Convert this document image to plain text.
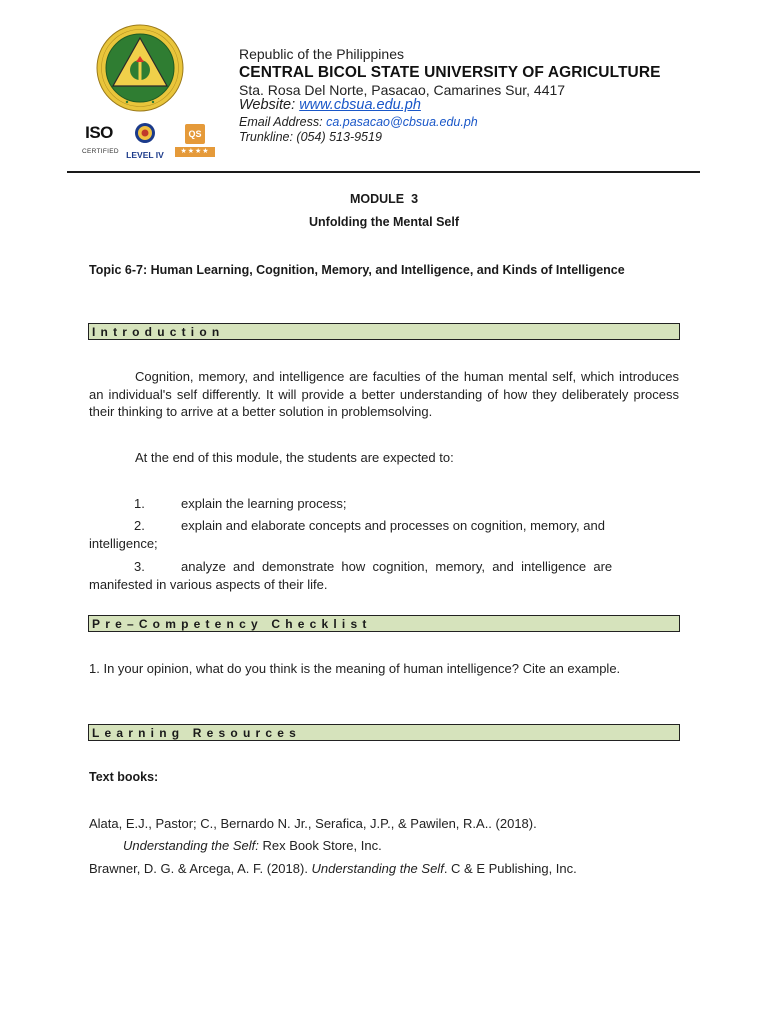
Republic of the Philippines
CENTRAL BICOL STATE UNIVERSITY OF AGRICULTURE
Sta. Rosa Del Norte, Pasacao, Camarines Sur, 4417
Website: www.cbsua.edu.ph
Email Address: ca.pasacao@cbsua.edu.ph
Trunkline: (054) 513-9519
ISO
CERTIFIED LEVEL IV
QS
★★★★
MODULE  3
Unfolding the Mental Self
Topic 6-7: Human Learning, Cognition, Memory, and Intelligence, and Kinds of Intelligence
Introduction
Cognition, memory, and intelligence are faculties of the human mental self, which introduces an individual's self differently. It will provide a better understanding of how they deliberately process their thinking to arrive at a better solution in problemsolving.
At the end of this module, the students are expected to:
1.	explain the learning process;
2.	explain and elaborate concepts and processes on cognition, memory, and
intelligence;
3.	analyze  and  demonstrate  how  cognition,  memory,  and  intelligence  are
manifested in various aspects of their life.
Pre–Competency Checklist
1. In your opinion, what do you think is the meaning of human intelligence? Cite an example.
Learning Resources
Text books:
Alata, E.J., Pastor; C., Bernardo N. Jr., Serafica, J.P., & Pawilen, R.A.. (2018).
Understanding the Self: Rex Book Store, Inc.
Brawner, D. G. & Arcega, A. F. (2018). Understanding the Self. C & E Publishing, Inc.
